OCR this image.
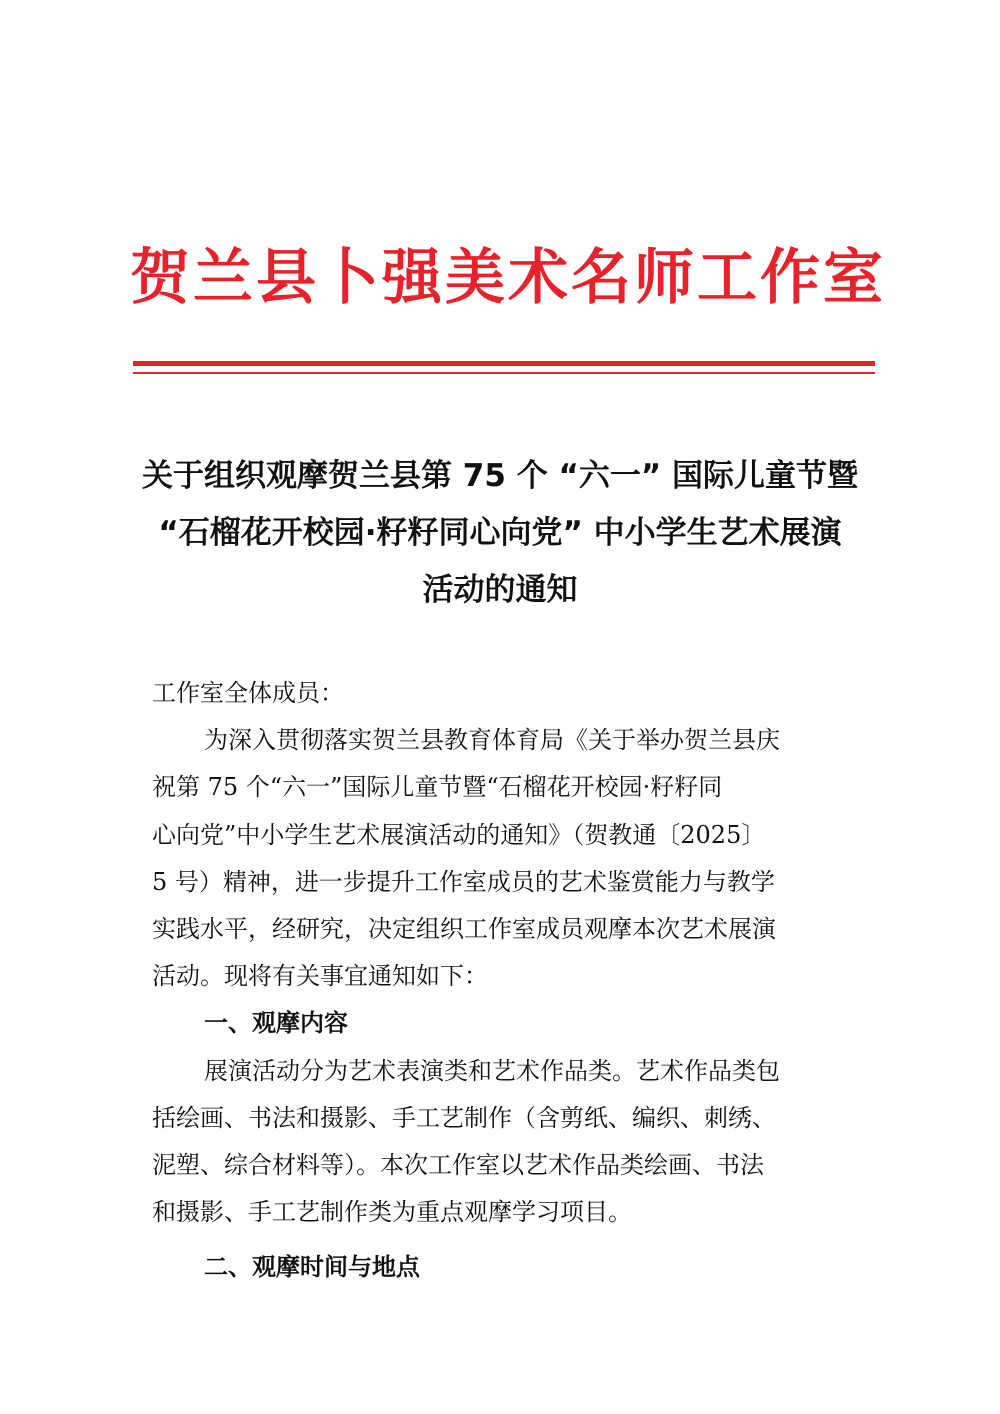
贺兰县卜强美术名师工作室
关于组织观摩贺兰县第 75 个 “六一” 国际儿童节暨
“石榴花开校园·籽籽同心向党” 中小学生艺术展演
活动的通知
工作室全体成员：
为深入贯彻落实贺兰县教育体育局《关于举办贺兰县庆
祝第 75 个“六一”国际儿童节暨“石榴花开校园·籽籽同
心向党”中小学生艺术展演活动的通知》（贺教通〔2025〕
5 号）精神，进一步提升工作室成员的艺术鉴赏能力与教学
实践水平，经研究，决定组织工作室成员观摩本次艺术展演
活动。现将有关事宜通知如下：
一、观摩内容
展演活动分为艺术表演类和艺术作品类。艺术作品类包
括绘画、书法和摄影、手工艺制作（含剪纸、编织、刺绣、
泥塑、综合材料等）。本次工作室以艺术作品类绘画、书法
和摄影、手工艺制作类为重点观摩学习项目。
二、观摩时间与地点
